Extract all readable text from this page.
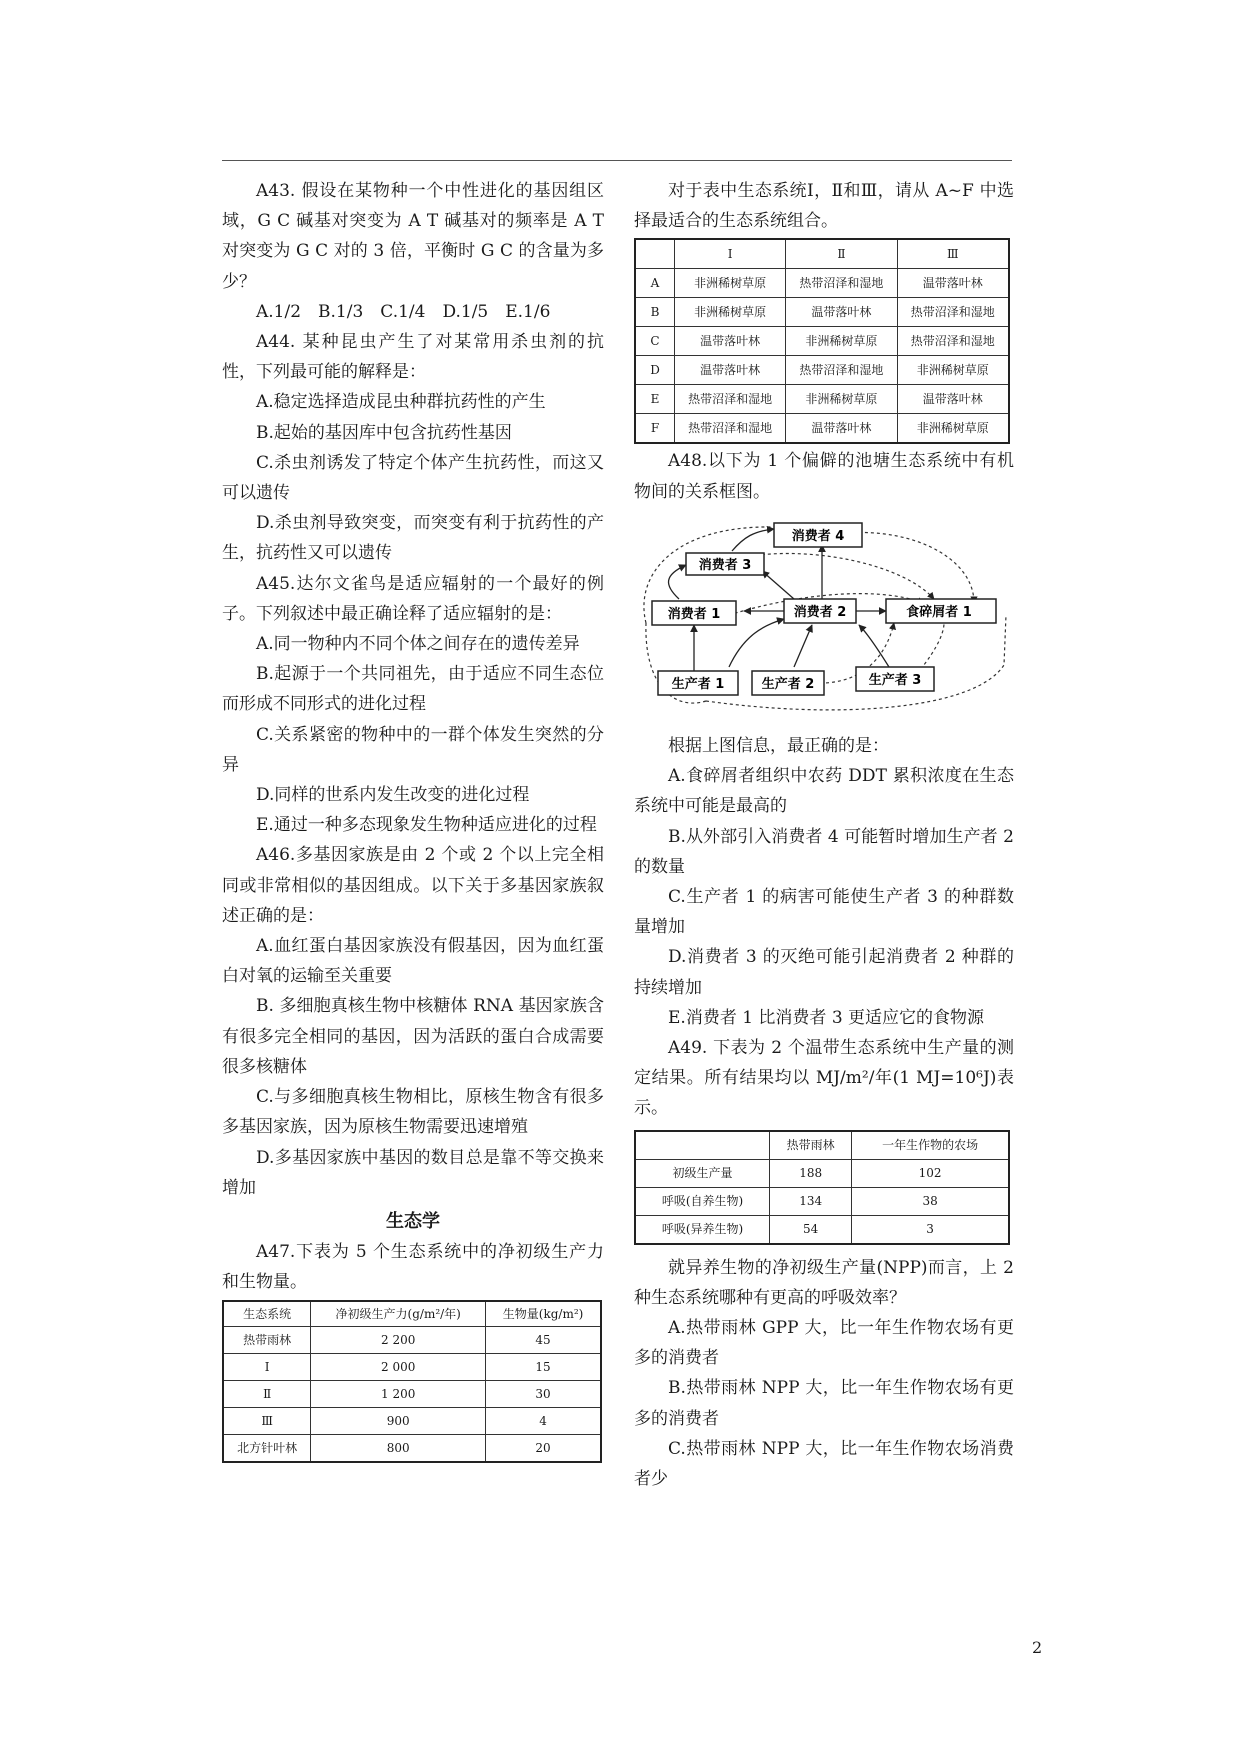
A43. 假设在某物种一个中性进化的基因组区域，G C 碱基对突变为 A T 碱基对的频率是 A T 对突变为 G C 对的 3 倍，平衡时 G C 的含量为多少？

A.1/2　B.1/3　C.1/4　D.1/5　E.1/6

A44. 某种昆虫产生了对某常用杀虫剂的抗性，下列最可能的解释是：

A.稳定选择造成昆虫种群抗药性的产生

B.起始的基因库中包含抗药性基因

C.杀虫剂诱发了特定个体产生抗药性，而这又可以遗传

D.杀虫剂导致突变，而突变有利于抗药性的产生，抗药性又可以遗传

A45.达尔文雀鸟是适应辐射的一个最好的例子。下列叙述中最正确诠释了适应辐射的是：

A.同一物种内不同个体之间存在的遗传差异

B.起源于一个共同祖先，由于适应不同生态位而形成不同形式的进化过程

C.关系紧密的物种中的一群个体发生突然的分异

D.同样的世系内发生改变的进化过程

E.通过一种多态现象发生物种适应进化的过程

A46.多基因家族是由 2 个或 2 个以上完全相同或非常相似的基因组成。以下关于多基因家族叙述正确的是：

A.血红蛋白基因家族没有假基因，因为血红蛋白对氧的运输至关重要

B. 多细胞真核生物中核糖体 RNA 基因家族含有很多完全相同的基因，因为活跃的蛋白合成需要很多核糖体

C.与多细胞真核生物相比，原核生物含有很多多基因家族，因为原核生物需要迅速增殖

D.多基因家族中基因的数目总是靠不等交换来增加

生态学

A47.下表为 5 个生态系统中的净初级生产力和生物量。

生态系统	净初级生产力(g/m²/年)	生物量(kg/m²)
热带雨林	2 200	45
Ⅰ	2 000	15
Ⅱ	1 200	30
Ⅲ	900	4
北方针叶林	800	20

对于表中生态系统Ⅰ，Ⅱ和Ⅲ，请从 A~F 中选择最适合的生态系统组合。

	Ⅰ	Ⅱ	Ⅲ
A	非洲稀树草原	热带沼泽和湿地	温带落叶林
B	非洲稀树草原	温带落叶林	热带沼泽和湿地
C	温带落叶林	非洲稀树草原	热带沼泽和湿地
D	温带落叶林	热带沼泽和湿地	非洲稀树草原
E	热带沼泽和湿地	非洲稀树草原	温带落叶林
F	热带沼泽和湿地	温带落叶林	非洲稀树草原

A48.以下为 1 个偏僻的池塘生态系统中有机物间的关系框图。

消费者 4
消费者 3
消费者 1	消费者 2	食碎屑者 1
生产者 1	生产者 2	生产者 3

根据上图信息，最正确的是：

A.食碎屑者组织中农药 DDT 累积浓度在生态系统中可能是最高的

B.从外部引入消费者 4 可能暂时增加生产者 2 的数量

C.生产者 1 的病害可能使生产者 3 的种群数量增加

D.消费者 3 的灭绝可能引起消费者 2 种群的持续增加

E.消费者 1 比消费者 3 更适应它的食物源

A49. 下表为 2 个温带生态系统中生产量的测定结果。所有结果均以 MJ/m²/年(1 MJ=10⁶J)表示。

	热带雨林	一年生作物的农场
初级生产量	188	102
呼吸(自养生物)	134	38
呼吸(异养生物)	54	3

就异养生物的净初级生产量(NPP)而言，上 2 种生态系统哪种有更高的呼吸效率？

A.热带雨林 GPP 大，比一年生作物农场有更多的消费者

B.热带雨林 NPP 大，比一年生作物农场有更多的消费者

C.热带雨林 NPP 大，比一年生作物农场消费者少

2
